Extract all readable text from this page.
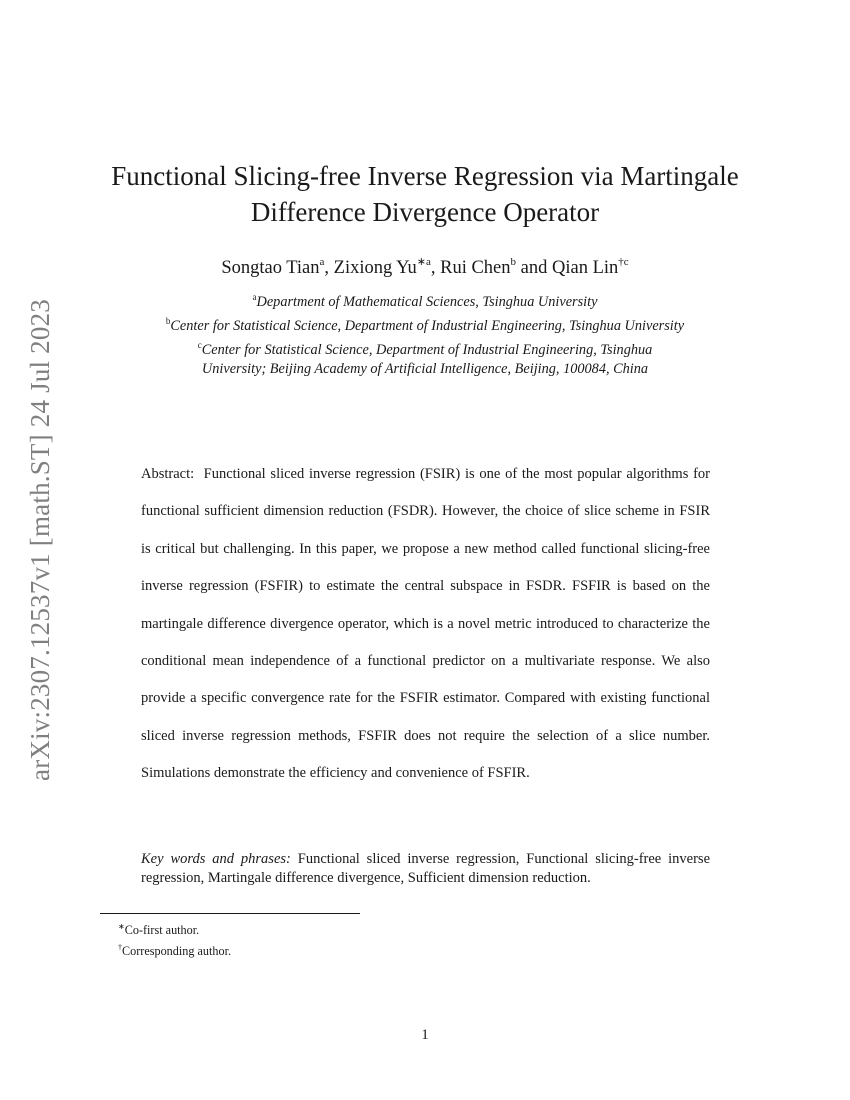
arXiv:2307.12537v1 [math.ST] 24 Jul 2023
Functional Slicing-free Inverse Regression via Martingale
Difference Divergence Operator
Songtao Tian$^a$, Zixiong $Yu^{∗a}$, Rui Chen$^b$ and Qian Lin$^{\dagger c}$
$^a$Department of Mathematical Sciences, Tsinghua University
$^b$Center for Statistical Science, Department of Industrial Engineering, Tsinghua University
$^c$Center for Statistical Science, Department of Industrial Engineering, Tsinghua
University; Beijing Academy of Artificial Intelligence, Beijing, 100084, China
Abstract: Functional sliced inverse regression (FSIR) is one of the most popular algorithms for functional sufficient dimension reduction (FSDR). However, the choice of slice scheme in FSIR is critical but challenging. In this paper, we propose a new method called functional slicing-free inverse regression (FSFIR) to estimate the central subspace in FSDR. FSFIR is based on the martingale difference divergence operator, which is a novel metric introduced to characterize the conditional mean independence of a functional predictor on a multivariate response. We also provide a specific convergence rate for the FSFIR estimator. Compared with existing functional sliced inverse regression methods, FSFIR does not require the selection of a slice number. Simulations demonstrate the efficiency and convenience of FSFIR.
Key words and phrases: Functional sliced inverse regression, Functional slicing-free inverse regression, Martingale difference divergence, Sufficient dimension reduction.
∗Co-first author.
†Corresponding author.
1
